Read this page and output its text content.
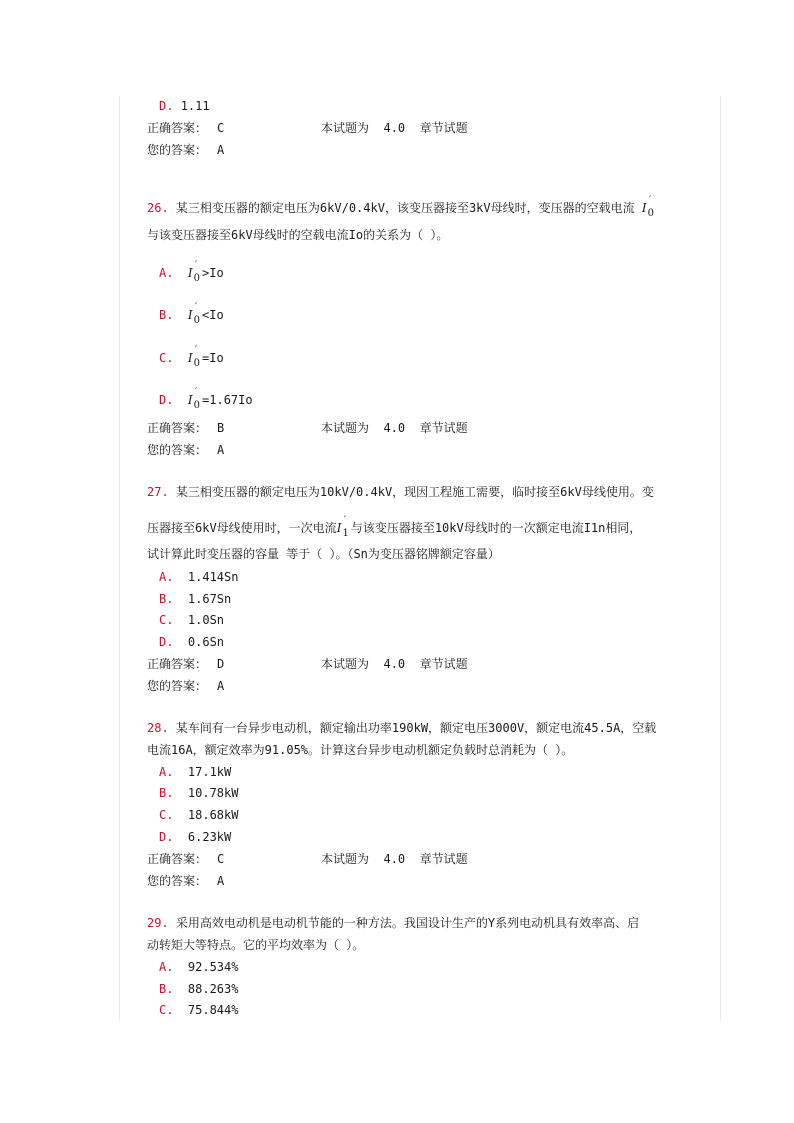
D. 1.11
正确答案： C	本试题为 4.0 章节试题
您的答案： A
26. 某三相变压器的额定电压为6kV/0.4kV，该变压器接至3kV母线时，变压器的空载电流 I
′
$_0$
与该变压器接至6kV母线时的空载电流Io的关系为（ ）。
A. I
′
$_0$ >Io
B. I
′
$_0$ <Io
C. I
′
$_0$ =Io
D. I
′
$_0$ =1.67Io
正确答案： B	本试题为 4.0 章节试题
您的答案： A
27. 某三相变压器的额定电压为10kV/0.4kV，现因工程施工需要，临时接至6kV母线使用。变
压器接至6kV母线使用时，一次电流I
′
$_1$ 与该变压器接至10kV母线时的一次额定电流I1n相同，
试计算此时变压器的容量 等于（ ）。（Sn为变压器铭牌额定容量）
A. 1.414Sn
B. 1.67Sn
C. 1.0Sn
D. 0.6Sn
正确答案： D	本试题为 4.0 章节试题
您的答案： A
28. 某车间有一台异步电动机，额定输出功率190kW，额定电压3000V，额定电流45.5A，空载
电流16A，额定效率为91.05%。计算这台异步电动机额定负载时总消耗为（ ）。
A. 17.1kW
B. 10.78kW
C. 18.68kW
D. 6.23kW
正确答案： C	本试题为 4.0 章节试题
您的答案： A
29. 采用高效电动机是电动机节能的一种方法。我国设计生产的Y系列电动机具有效率高、启
动转矩大等特点。它的平均效率为（ ）。
A. 92.534%
B. 88.263%
C. 75.844%
